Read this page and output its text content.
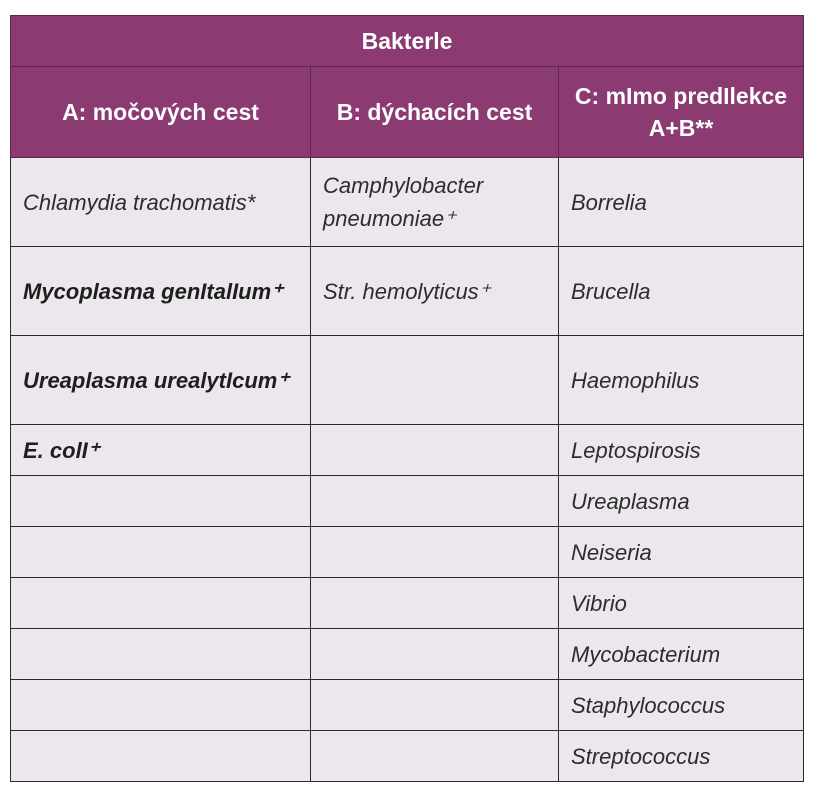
Bakterle		
A: močových cest	B: dýchacích cest	C: mImo predIlekce A+B**
Chlamydia trachomatis*	Camphylobacter pneumoniae⁺	Borrelia
Mycoplasma genItalIum⁺	Str. hemolyticus⁺	Brucella
Ureaplasma urealytIcum⁺		Haemophilus
E. colI⁺		Leptospirosis
		Ureaplasma
		Neiseria
		Vibrio
		Mycobacterium
		Staphylococcus
		Streptococcus
